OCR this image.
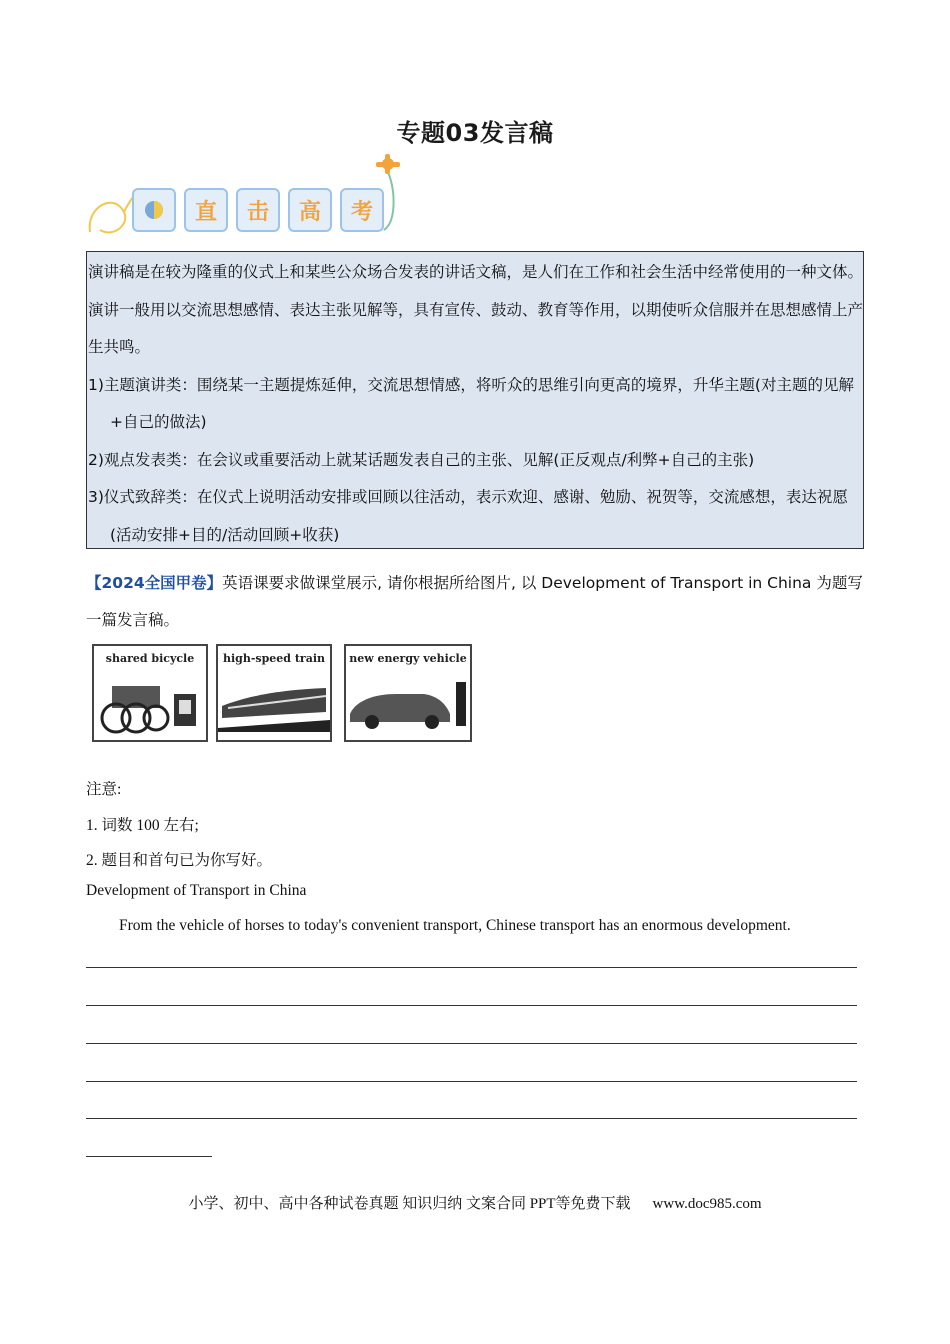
专题03发言稿
直	击	高	考

演讲稿是在较为隆重的仪式上和某些公众场合发表的讲话文稿，是人们在工作和社会生活中经常使用的一种文体。演讲一般用以交流思想感情、表达主张见解等，具有宣传、鼓动、教育等作用，以期使听众信服并在思想感情上产生共鸣。

1)主题演讲类：围绕某一主题提炼延伸，交流思想情感，将听众的思维引向更高的境界，升华主题(对主题的见解+自己的做法)

2)观点发表类：在会议或重要活动上就某话题发表自己的主张、见解(正反观点/利弊+自己的主张)

3)仪式致辞类：在仪式上说明活动安排或回顾以往活动，表示欢迎、感谢、勉励、祝贺等，交流感想，表达祝愿(活动安排+目的/活动回顾+收获)

【2024全国甲卷】英语课要求做课堂展示, 请你根据所给图片, 以 Development of Transport in China 为题写一篇发言稿。
shared bicycle	high-speed train	new energy vehicle
注意:
1. 词数 100 左右;
2. 题目和首句已为你写好。
Development of Transport in China
From the vehicle of horses to today's convenient transport, Chinese transport has an enormous development.
小学、初中、高中各种试卷真题 知识归纳 文案合同 PPT等免费下载 www.doc985.com
